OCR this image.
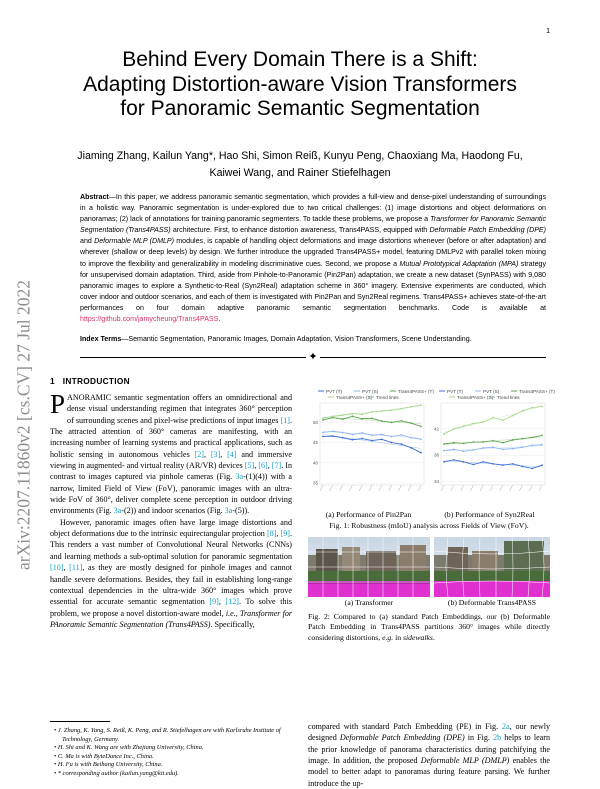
1
arXiv:2207.11860v2 [cs.CV] 27 Jul 2022
Behind Every Domain There is a Shift:
Adapting Distortion-aware Vision Transformers
for Panoramic Semantic Segmentation
Jiaming Zhang, Kailun Yang*, Hao Shi, Simon Reiß, Kunyu Peng, Chaoxiang Ma, Haodong Fu,
Kaiwei Wang, and Rainer Stiefelhagen
Abstract—In this paper, we address panoramic semantic segmentation, which provides a full-view and dense-pixel understanding of surroundings in a holistic way. Panoramic segmentation is under-explored due to two critical challenges: (1) image distortions and object deformations on panoramas; (2) lack of annotations for training panoramic segmenters. To tackle these problems, we propose a Transformer for Panoramic Semantic Segmentation (Trans4PASS) architecture. First, to enhance distortion awareness, Trans4PASS, equipped with Deformable Patch Embedding (DPE) and Deformable MLP (DMLP) modules, is capable of handling object deformations and image distortions whenever (before or after adaptation) and wherever (shallow or deep levels) by design. We further introduce the upgraded Trans4PASS+ model, featuring DMLPv2 with parallel token mixing to improve the flexibility and generalizability in modeling discriminative cues. Second, we propose a Mutual Prototypical Adaptation (MPA) strategy for unsupervised domain adaptation. Third, aside from Pinhole-to-Panoramic (Pin2Pan) adaptation, we create a new dataset (SynPASS) with 9,080 panoramic images to explore a Synthetic-to-Real (Syn2Real) adaptation scheme in 360° imagery. Extensive experiments are conducted, which cover indoor and outdoor scenarios, and each of them is investigated with Pin2Pan and Syn2Real regimens. Trans4PASS+ achieves state-of-the-art performances on four domain adaptive panoramic semantic segmentation benchmarks. Code is available at https://github.com/jamycheung/Trans4PASS.
Index Terms—Semantic Segmentation, Panoramic Images, Domain Adaptation, Vision Transformers, Scene Understanding.
✦
1 INTRODUCTION

PANORAMIC semantic segmentation offers an omnidirectional and dense visual understanding regimen that integrates 360° perception of surrounding scenes and pixel-wise predictions of input images [1]. The attracted attention of 360° cameras are manifesting, with an increasing number of learning systems and practical applications, such as holistic sensing in autonomous vehicles [2], [3], [4] and immersive viewing in augmented- and virtual reality (AR/VR) devices [5], [6], [7]. In contrast to images captured via pinhole cameras (Fig. 3a-(1)(4)) with a narrow, limited Field of View (FoV), panoramic images with an ultra-wide FoV of 360°, deliver complete scene perception in outdoor driving environments (Fig. 3a-(2)) and indoor scenarios (Fig. 3a-(5)).

However, panoramic images often have large image distortions and object deformations due to the intrinsic equirectangular projection [8], [9]. This renders a vast number of Convolutional Neural Networks (CNNs) and learning methods a sub-optimal solution for panoramic segmentation [10], [11], as they are mostly designed for pinhole images and cannot handle severe deformations. Besides, they fail in establishing long-range contextual dependencies in the ultra-wide 360° images which prove essential for accurate semantic segmentation [9], [12]. To solve this problem, we propose a novel distortion-aware model, i.e., Transformer for PAnoramic Semantic Segmentation (Trans4PASS). Specifically,

• J. Zhang, K. Yang, S. Reiß, K. Peng, and R. Stiefelhagen are with Karlsruhe Institute of Technology, Germany.
• H. Shi and K. Wang are with Zhejiang University, China.
• C. Ma is with ByteDance Inc., China.
• H. Fu is with Beihang University, China.
• * corresponding author (kailun.yang@kit.edu).
PVT (T)	PVT (T)
PVT (S)	PVT (S)
Trans4PASS+ (T)	Trans4PASS+ (T)
Trans4PASS+ (S)	Trans4PASS+ (S)
Trend lines	Trend lines
35
40
45
50
34
38
42
(a) Performance of Pin2Pan	(b) Performance of Syn2Real
Fig. 1: Robustness (mIoU) analysis across Fields of View (FoV).
(a) Transformer	(b) Deformable Trans4PASS
Fig. 2: Compared to (a) standard Patch Embeddings, our (b) Deformable Patch Embedding in Trans4PASS partitions 360° images while directly considering distortions, e.g. in sidewalks.
compared with standard Patch Embedding (PE) in Fig. 2a, our newly designed Deformable Patch Embedding (DPE) in Fig. 2b helps to learn the prior knowledge of panorama characteristics during patchifying the image. In addition, the proposed Deformable MLP (DMLP) enables the model to better adapt to panoramas during feature parsing. We further introduce the up-
